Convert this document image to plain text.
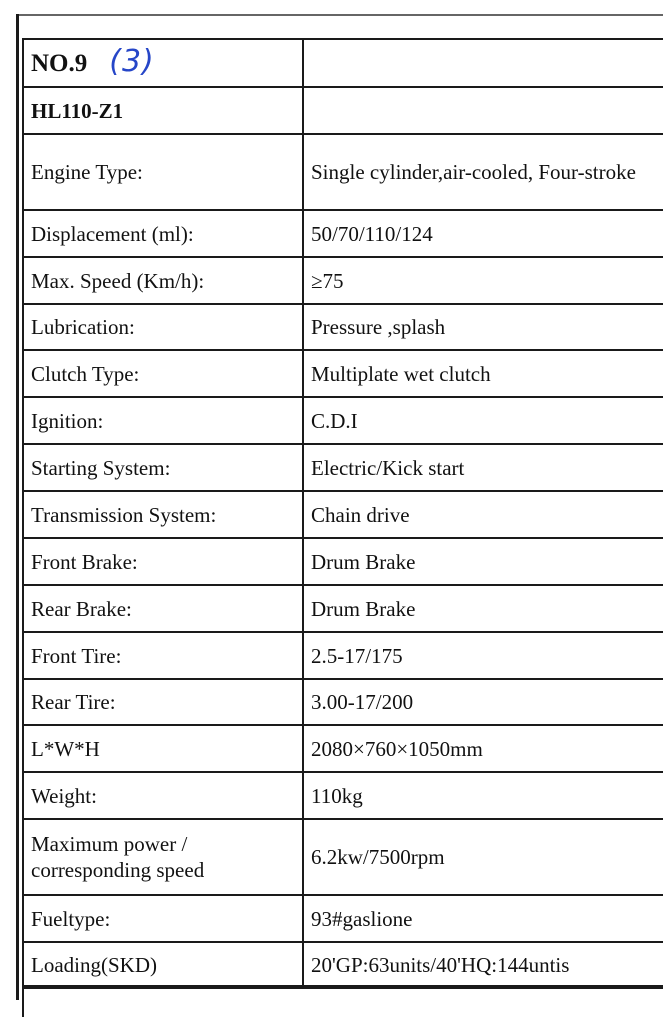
NO.9 (3)	
HL110-Z1	
Engine Type:	Single cylinder,air-cooled, Four-stroke
Displacement (ml):	50/70/110/124
Max. Speed (Km/h):	≥75
Lubrication:	Pressure ,splash
Clutch Type:	Multiplate wet clutch
Ignition:	C.D.I
Starting System:	Electric/Kick start
Transmission System:	Chain drive
Front Brake:	Drum Brake
Rear Brake:	Drum Brake
Front Tire:	2.5-17/175
Rear Tire:	3.00-17/200
L*W*H	2080×760×1050mm
Weight:	110kg
Maximum power / corresponding speed	6.2kw/7500rpm
Fueltype:	93#gaslione
Loading(SKD)	20'GP:63units/40'HQ:144untis
